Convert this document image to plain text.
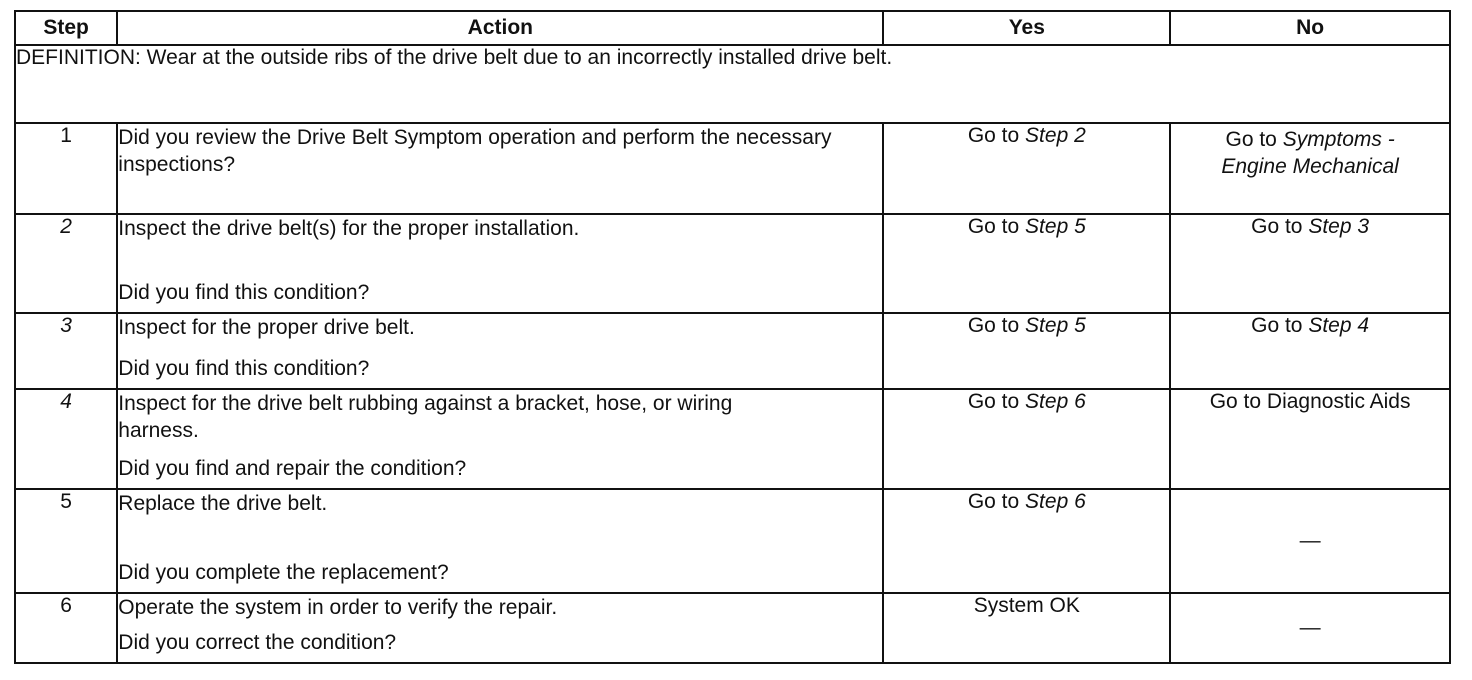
Step	Action	Yes	No
DEFINITION: Wear at the outside ribs of the drive belt due to an incorrectly installed drive belt.			
1	Did you review the Drive Belt Symptom operation and perform the necessary inspections?	Go to Step 2	Go to Symptoms -
Engine Mechanical
2	Inspect the drive belt(s) for the proper installation.
Did you find this condition?	Go to Step 5	Go to Step 3
3	Inspect for the proper drive belt.
Did you find this condition?	Go to Step 5	Go to Step 4
4	Inspect for the drive belt rubbing against a bracket, hose, or wiring harness.
Did you find and repair the condition?	Go to Step 6	Go to Diagnostic Aids
5	Replace the drive belt.
Did you complete the replacement?	Go to Step 6	—
6	Operate the system in order to verify the repair.
Did you correct the condition?	System OK	—
